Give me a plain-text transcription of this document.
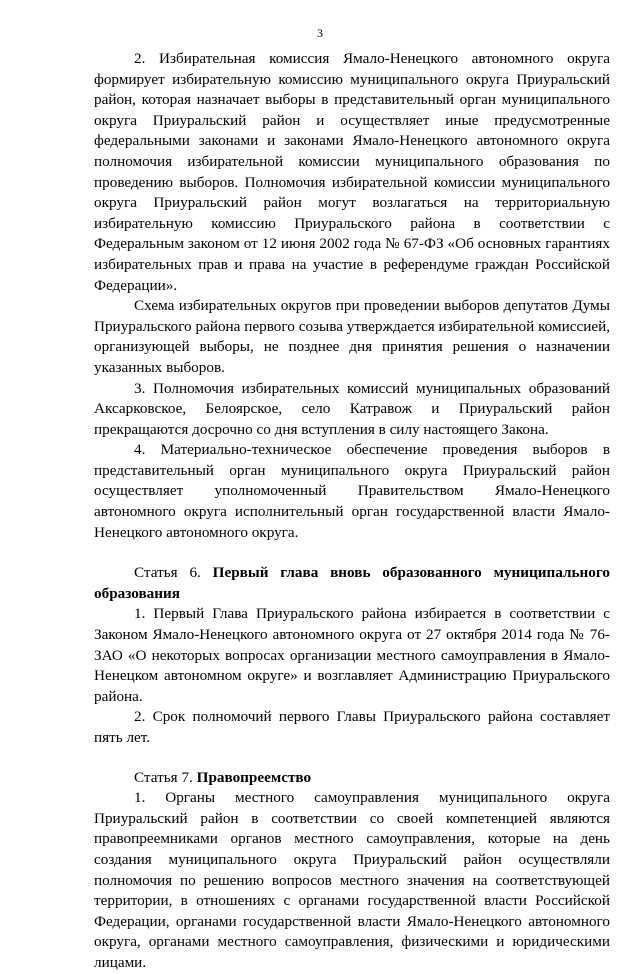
3

2. Избирательная комиссия Ямало-Ненецкого автономного округа формирует избирательную комиссию муниципального округа Приуральский район, которая назначает выборы в представительный орган муниципального округа Приуральский район и осуществляет иные предусмотренные федеральными законами и законами Ямало-Ненецкого автономного округа полномочия избирательной комиссии муниципального образования по проведению выборов. Полномочия избирательной комиссии муниципального округа Приуральский район могут возлагаться на территориальную избирательную комиссию Приуральского района в соответствии с Федеральным законом от 12 июня 2002 года № 67-ФЗ «Об основных гарантиях избирательных прав и права на участие в референдуме граждан Российской Федерации».

Схема избирательных округов при проведении выборов депутатов Думы Приуральского района первого созыва утверждается избирательной комиссией, организующей выборы, не позднее дня принятия решения о назначении указанных выборов.

3. Полномочия избирательных комиссий муниципальных образований Аксарковское, Белоярское, село Катравож и Приуральский район прекращаются досрочно со дня вступления в силу настоящего Закона.

4. Материально-техническое обеспечение проведения выборов в представительный орган муниципального округа Приуральский район осуществляет уполномоченный Правительством Ямало-Ненецкого автономного округа исполнительный орган государственной власти Ямало-Ненецкого автономного округа.

Статья 6. Первый глава вновь образованного муниципального образования

1. Первый Глава Приуральского района избирается в соответствии с Законом Ямало-Ненецкого автономного округа от 27 октября 2014 года № 76-ЗАО «О некоторых вопросах организации местного самоуправления в Ямало-Ненецком автономном округе» и возглавляет Администрацию Приуральского района.

2. Срок полномочий первого Главы Приуральского района составляет пять лет.

Статья 7. Правопреемство

1. Органы местного самоуправления муниципального округа Приуральский район в соответствии со своей компетенцией являются правопреемниками органов местного самоуправления, которые на день создания муниципального округа Приуральский район осуществляли полномочия по решению вопросов местного значения на соответствующей территории, в отношениях с органами государственной власти Российской Федерации, органами государственной власти Ямало-Ненецкого автономного округа, органами местного самоуправления, физическими и юридическими лицами.
